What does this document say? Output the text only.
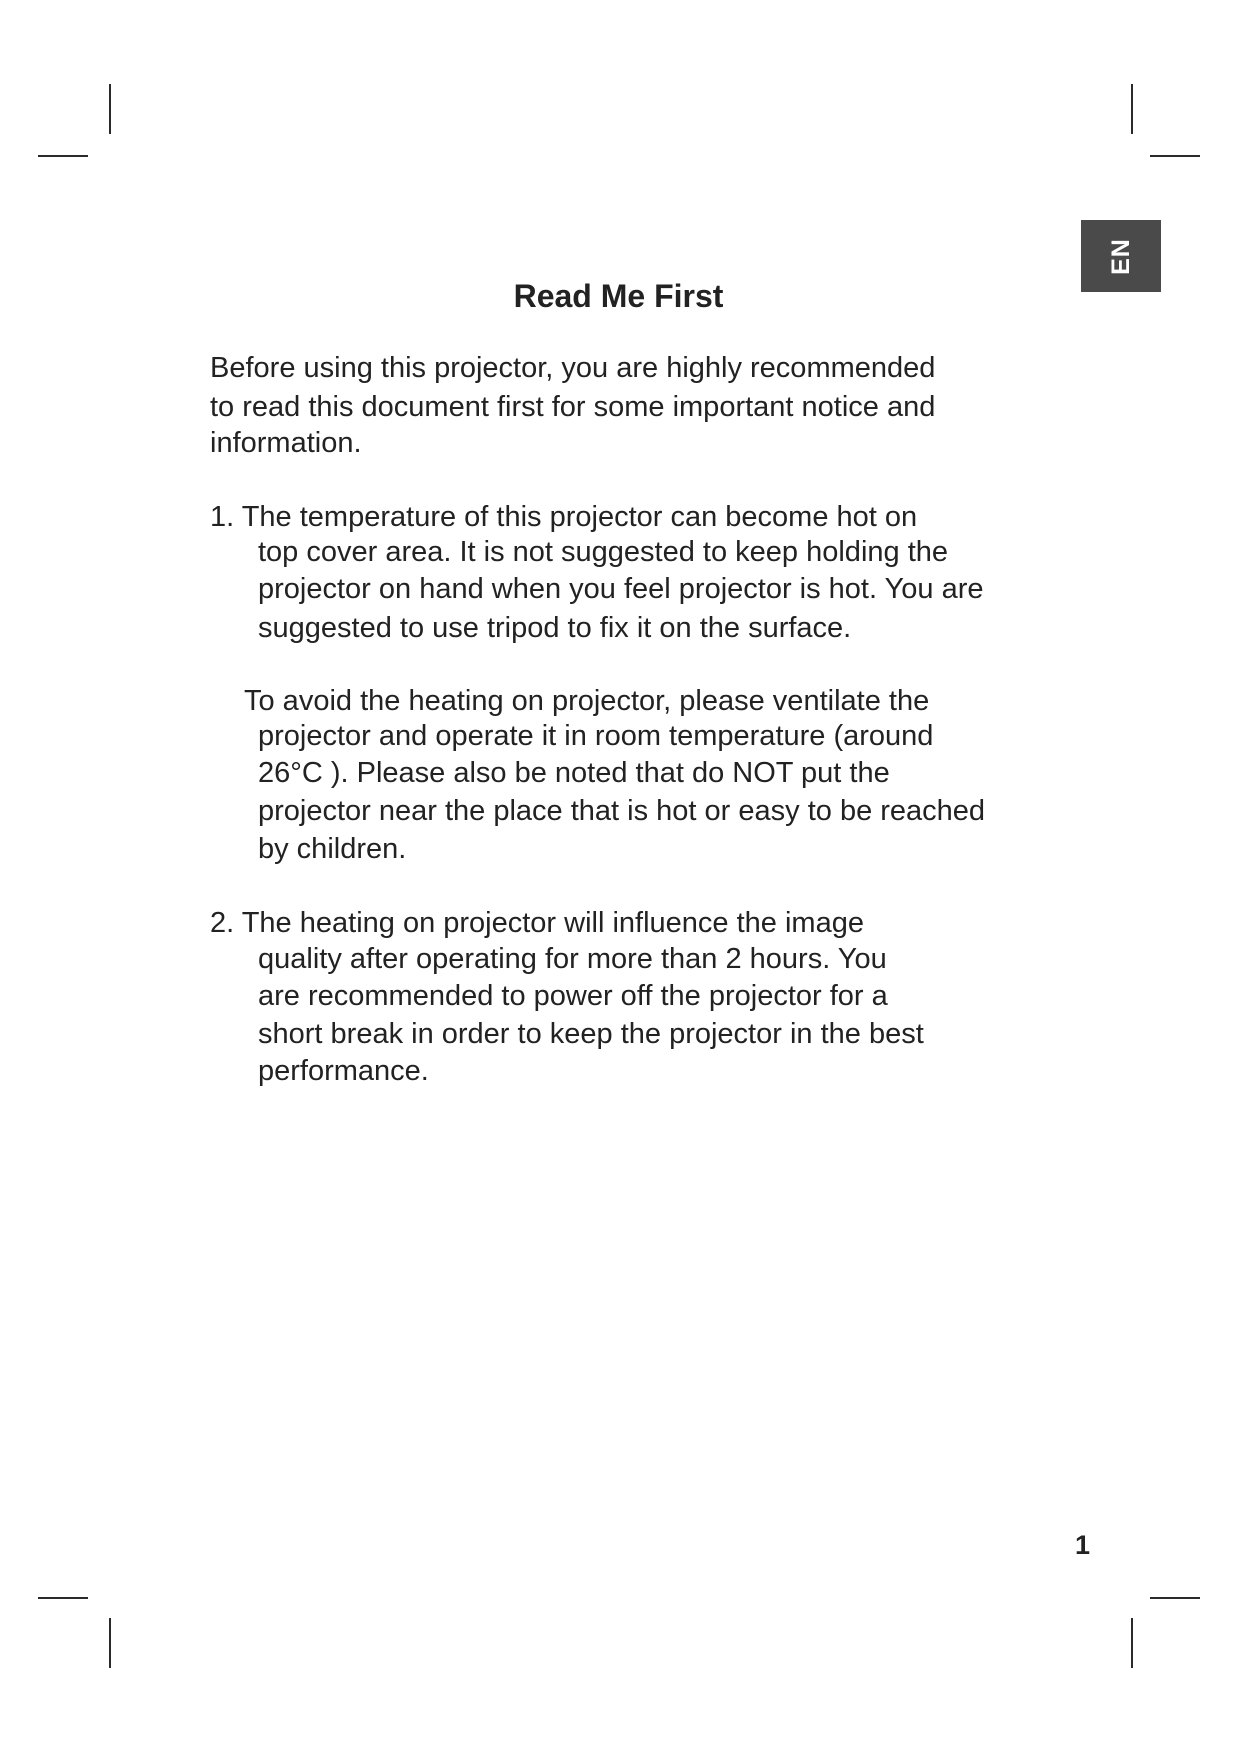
EN
Read Me First

Before using this projector, you are highly recommended

to read this document first for some important notice and

information.

1. The temperature of this projector can become hot on

top cover area. It is not suggested to keep holding the

projector on hand when you feel projector is hot. You are

suggested to use tripod to fix it on the surface.

To avoid the heating on projector, please ventilate the

projector and operate it in room temperature (around

26°C ). Please also be noted that do NOT put the

projector near the place that is hot or easy to be reached

by children.

2. The heating on projector will influence the image

quality after operating for more than 2 hours. You

are recommended to power off the projector for a

short break in order to keep the projector in the best

performance.

1
